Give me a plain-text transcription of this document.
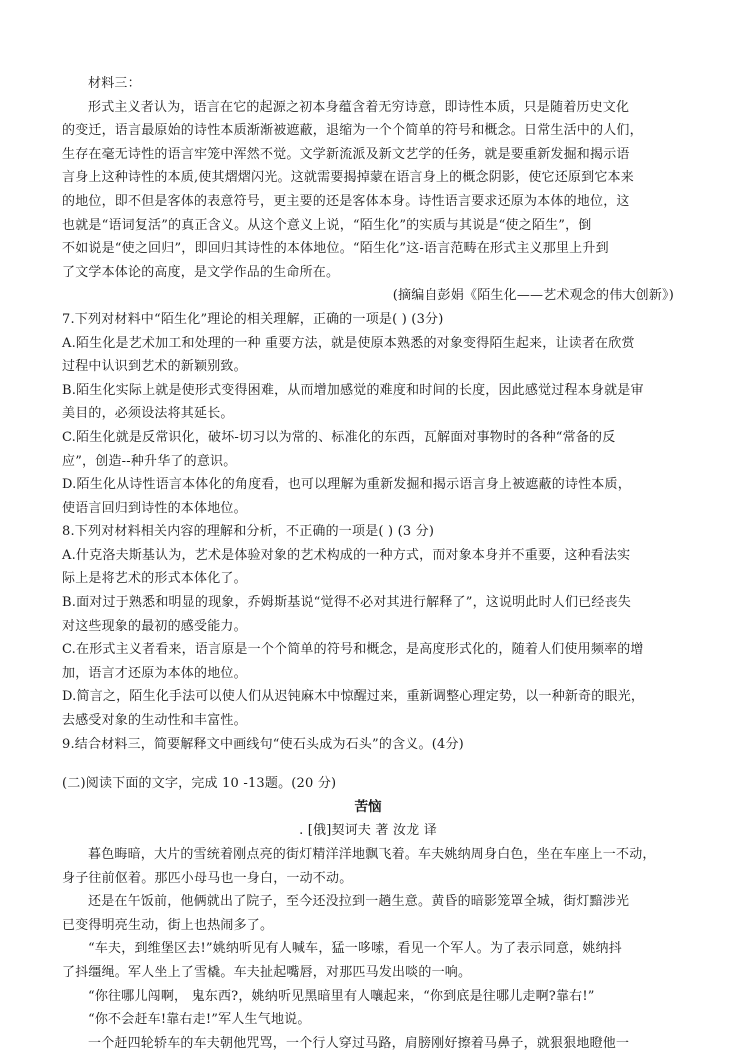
材料三：

形式主义者认为，语言在它的起源之初本身蕴含着无穷诗意，即诗性本质，只是随着历史文化

的变迁，语言最原始的诗性本质渐渐被遮蔽，退缩为一个个简单的符号和概念。日常生活中的人们，

生存在毫无诗性的语言牢笼中浑然不觉。文学新流派及新文艺学的任务，就是要重新发掘和揭示语

言身上这种诗性的本质,使其熠熠闪光。这就需要揭掉蒙在语言身上的概念阴影，使它还原到它本来

的地位，即不但是客体的表意符号，更主要的还是客体本身。诗性语言要求还原为本体的地位，这

也就是“语词复活”的真正含义。从这个意义上说，“陌生化”的实质与其说是“使之陌生”，倒

不如说是“使之回归”，即回归其诗性的本体地位。“陌生化”这-语言范畴在形式主义那里上升到

了文学本体论的高度，是文学作品的生命所在。

(摘编自彭娟《陌生化——艺术观念的伟大创新》)

7.下列对材料中“陌生化”理论的相关理解，正确的一项是( ) (3分)

A.陌生化是艺术加工和处理的一种 重要方法，就是使原本熟悉的对象变得陌生起来，让读者在欣赏

过程中认识到艺术的新颖别致。

B.陌生化实际上就是使形式变得困难，从而增加感觉的难度和时间的长度，因此感觉过程本身就是审

美目的，必须设法将其延长。

C.陌生化就是反常识化，破坏-切习以为常的、标准化的东西，瓦解面对事物时的各种“常备的反

应”，创造--种升华了的意识。

D.陌生化从诗性语言本体化的角度看，也可以理解为重新发掘和揭示语言身上被遮蔽的诗性本质，

使语言回归到诗性的本体地位。

8.下列对材料相关内容的理解和分析，不正确的一项是( ) (3 分)

A.什克洛夫斯基认为，艺术是体验对象的艺术构成的一种方式，而对象本身并不重要，这种看法实

际上是将艺术的形式本体化了。

B.面对过于熟悉和明显的现象，乔姆斯基说“觉得不必对其进行解释了”，这说明此时人们已经丧失

对这些现象的最初的感受能力。

C.在形式主义者看来，语言原是一个个简单的符号和概念，是高度形式化的，随着人们使用频率的增

加，语言才还原为本体的地位。

D.简言之，陌生化手法可以使人们从迟钝麻木中惊醒过来，重新调整心理定势，以一种新奇的眼光，

去感受对象的生动性和丰富性。

9.结合材料三，简要解释文中画线句“使石头成为石头”的含义。(4分)

(二)阅读下面的文字，完成 10 -13题。(20 分)

苦恼

. [俄]契诃夫 著 汝龙 译

暮色晦暗，大片的雪统着刚点亮的街灯精洋洋地飘飞着。车夫姚纳周身白色，坐在车座上一不动，

身子往前伛着。那匹小母马也一身白，一动不动。

还是在午饭前，他俩就出了院子，至今还没拉到一趟生意。黄昏的暗影笼罩全城，街灯黯涉光

已变得明亮生动，街上也热闹多了。

“车夫，到维堡区去!”姚纳听见有人喊车，猛一哆嗦，看见一个军人。为了表示同意，姚纳抖

了抖缰绳。军人坐上了雪橇。车夫扯起嘴唇，对那匹马发出啖的一响。

“你往哪儿闯啊， 鬼东西?，姚纳听见黑暗里有人嚷起来，“你到底是往哪儿走啊?靠右!”

“你不会赶车!靠右走!”军人生气地说。

一个赶四轮轿车的车夫朝他咒骂，一个行人穿过马路，肩膀刚好擦着马鼻子，就狠狠地瞪他一
